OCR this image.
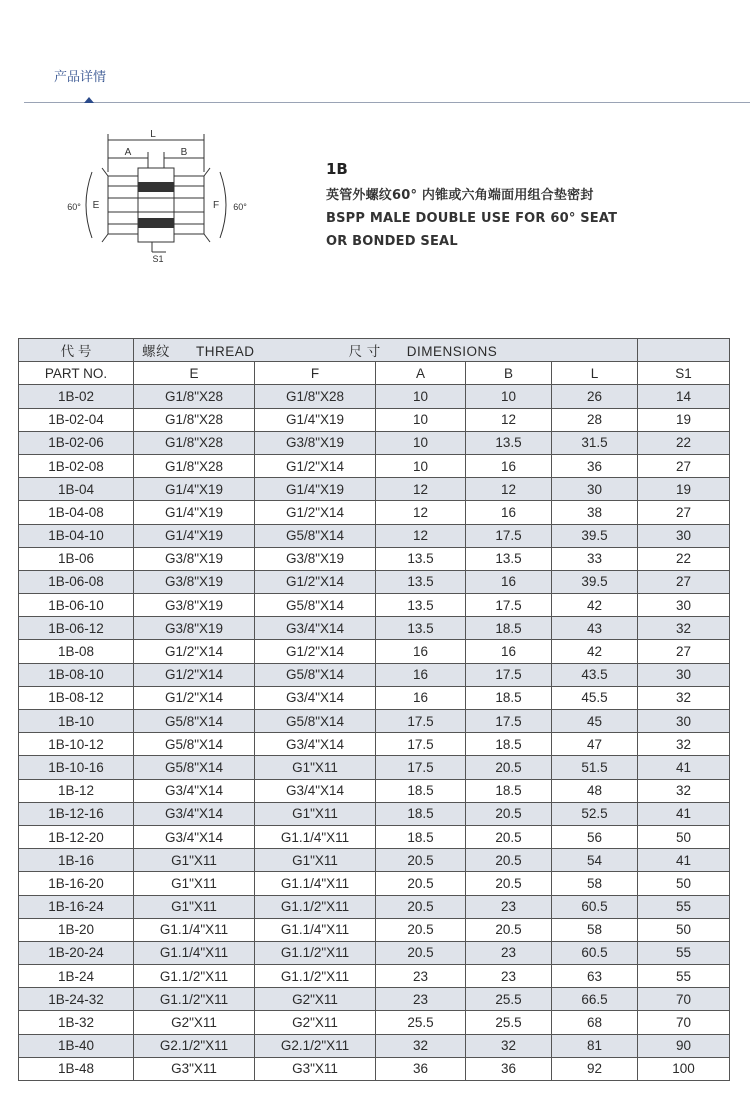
产品详情
L
A	B
E	F
60°	60°
S1
1B
英管外螺纹60° 内锥或六角端面用组合垫密封
BSPP MALE DOUBLE USE FOR 60° SEAT
OR BONDED SEAL
代 号	螺纹 THREAD 尺 寸 DIMENSIONS					
PART NO.	E	F	A	B	L	S1
1B-02	G1/8"X28	G1/8"X28	10	10	26	14
1B-02-04	G1/8"X28	G1/4"X19	10	12	28	19
1B-02-06	G1/8"X28	G3/8"X19	10	13.5	31.5	22
1B-02-08	G1/8"X28	G1/2"X14	10	16	36	27
1B-04	G1/4"X19	G1/4"X19	12	12	30	19
1B-04-08	G1/4"X19	G1/2"X14	12	16	38	27
1B-04-10	G1/4"X19	G5/8"X14	12	17.5	39.5	30
1B-06	G3/8"X19	G3/8"X19	13.5	13.5	33	22
1B-06-08	G3/8"X19	G1/2"X14	13.5	16	39.5	27
1B-06-10	G3/8"X19	G5/8"X14	13.5	17.5	42	30
1B-06-12	G3/8"X19	G3/4"X14	13.5	18.5	43	32
1B-08	G1/2"X14	G1/2"X14	16	16	42	27
1B-08-10	G1/2"X14	G5/8"X14	16	17.5	43.5	30
1B-08-12	G1/2"X14	G3/4"X14	16	18.5	45.5	32
1B-10	G5/8"X14	G5/8"X14	17.5	17.5	45	30
1B-10-12	G5/8"X14	G3/4"X14	17.5	18.5	47	32
1B-10-16	G5/8"X14	G1"X11	17.5	20.5	51.5	41
1B-12	G3/4"X14	G3/4"X14	18.5	18.5	48	32
1B-12-16	G3/4"X14	G1"X11	18.5	20.5	52.5	41
1B-12-20	G3/4"X14	G1.1/4"X11	18.5	20.5	56	50
1B-16	G1"X11	G1"X11	20.5	20.5	54	41
1B-16-20	G1"X11	G1.1/4"X11	20.5	20.5	58	50
1B-16-24	G1"X11	G1.1/2"X11	20.5	23	60.5	55
1B-20	G1.1/4"X11	G1.1/4"X11	20.5	20.5	58	50
1B-20-24	G1.1/4"X11	G1.1/2"X11	20.5	23	60.5	55
1B-24	G1.1/2"X11	G1.1/2"X11	23	23	63	55
1B-24-32	G1.1/2"X11	G2"X11	23	25.5	66.5	70
1B-32	G2"X11	G2"X11	25.5	25.5	68	70
1B-40	G2.1/2"X11	G2.1/2"X11	32	32	81	90
1B-48	G3"X11	G3"X11	36	36	92	100
